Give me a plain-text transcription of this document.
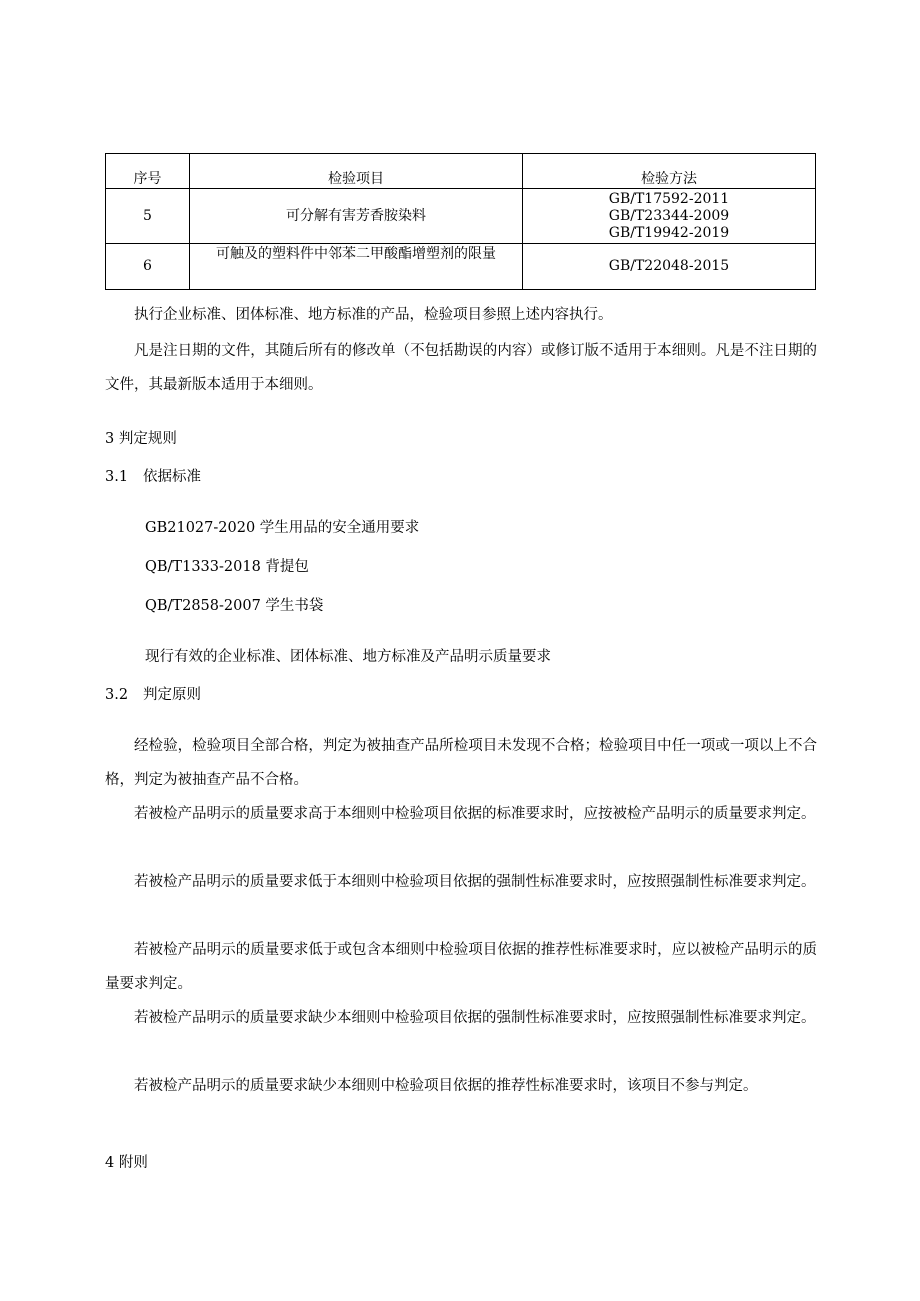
序号	检验项目	检验方法
5	可分解有害芳香胺染料	GB/T17592-2011
GB/T23344-2009
GB/T19942-2019

6	可触及的塑料件中邻苯二甲酸酯增塑剂的限量	GB/T22048-2015
执行企业标准、团体标准、地方标准的产品，检验项目参照上述内容执行。
凡是注日期的文件，其随后所有的修改单（不包括勘误的内容）或修订版不适用于本细则。凡是不注日期的文件，其最新版本适用于本细则。
3 判定规则
3.1 依据标准
GB21027-2020 学生用品的安全通用要求
QB/T1333-2018 背提包
QB/T2858-2007 学生书袋
现行有效的企业标准、团体标准、地方标准及产品明示质量要求
3.2 判定原则
经检验，检验项目全部合格，判定为被抽查产品所检项目未发现不合格；检验项目中任一项或一项以上不合格，判定为被抽查产品不合格。
若被检产品明示的质量要求高于本细则中检验项目依据的标准要求时，应按被检产品明示的质量要求判定。
若被检产品明示的质量要求低于本细则中检验项目依据的强制性标准要求时，应按照强制性标准要求判定。
若被检产品明示的质量要求低于或包含本细则中检验项目依据的推荐性标准要求时，应以被检产品明示的质量要求判定。
若被检产品明示的质量要求缺少本细则中检验项目依据的强制性标准要求时，应按照强制性标准要求判定。
若被检产品明示的质量要求缺少本细则中检验项目依据的推荐性标准要求时，该项目不参与判定。
4 附则
